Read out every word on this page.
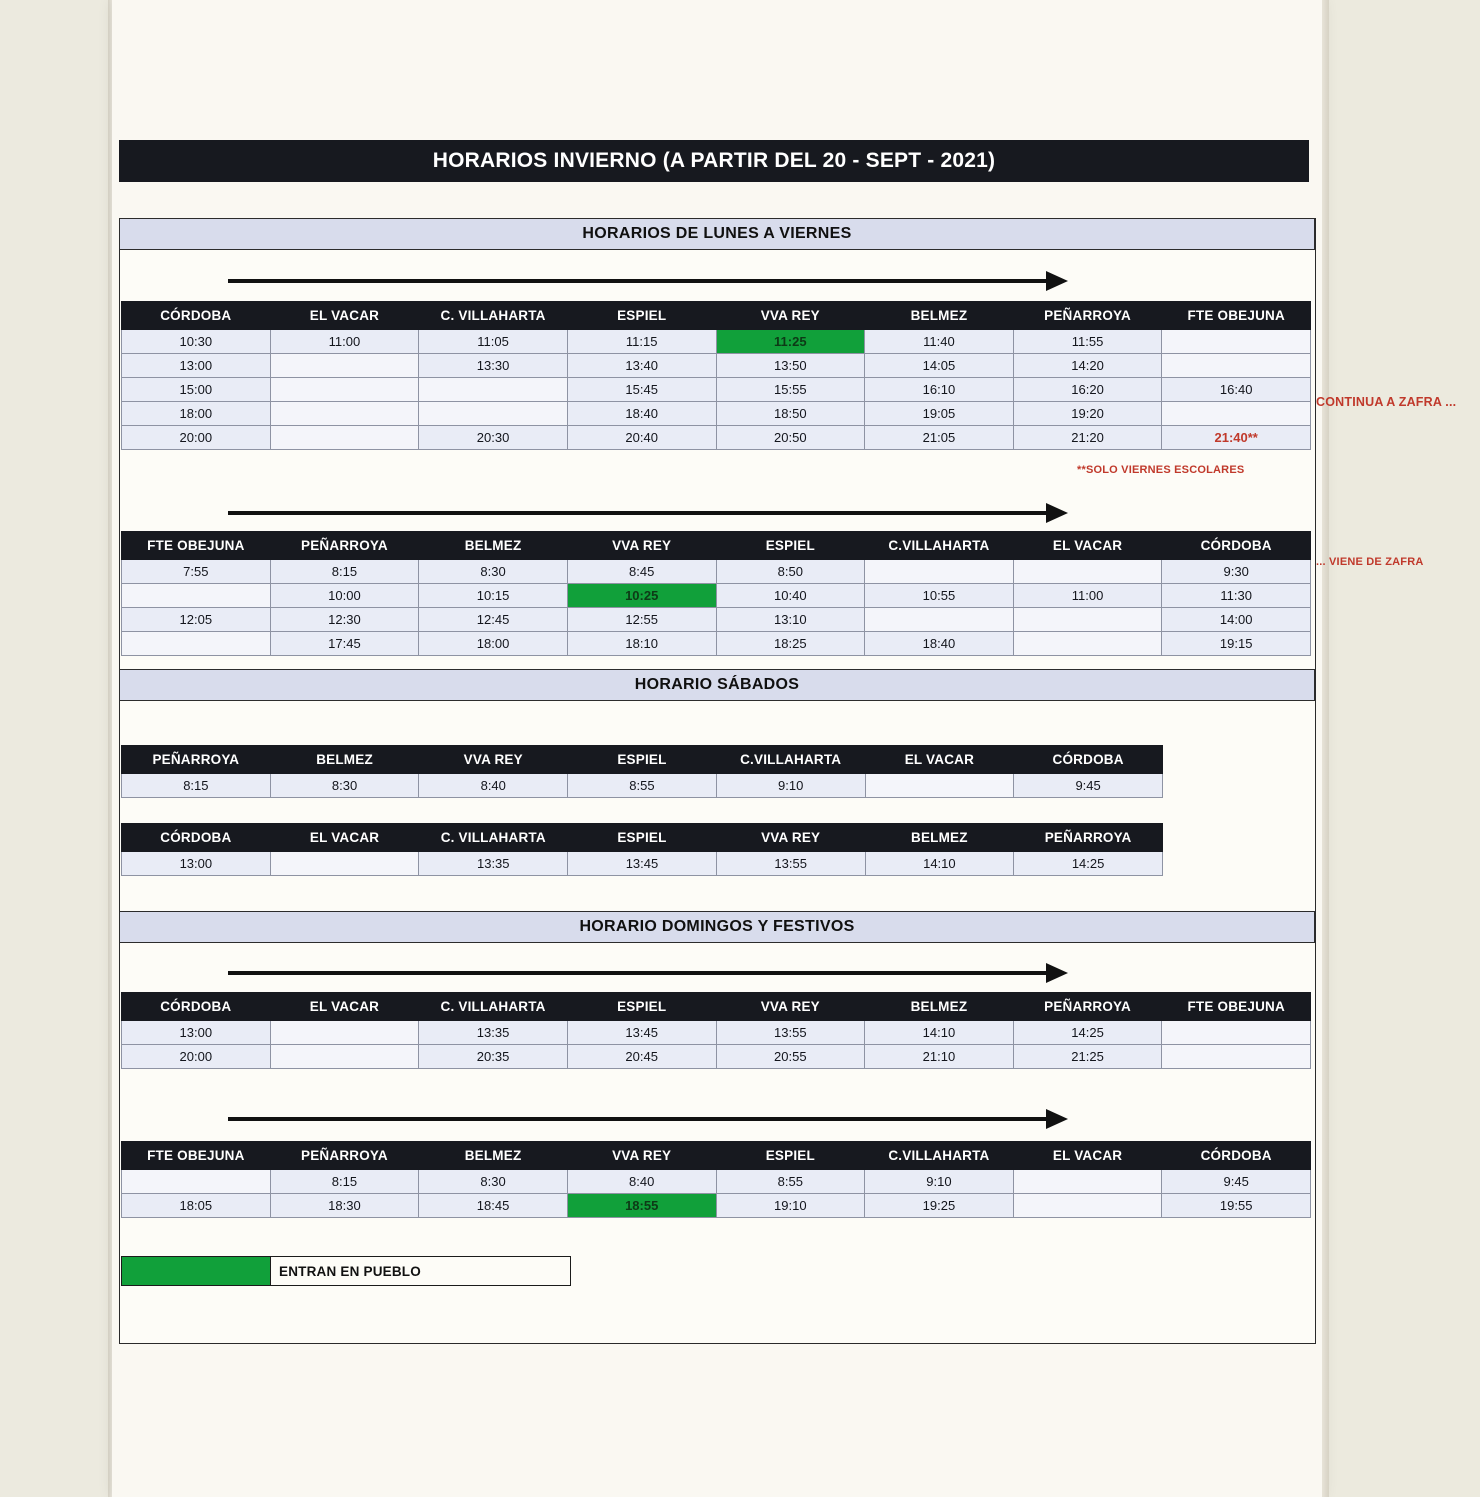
HORARIOS INVIERNO (A PARTIR DEL 20 - SEPT - 2021)
HORARIOS DE LUNES A VIERNES
CÓRDOBA	EL VACAR	C. VILLAHARTA	ESPIEL	VVA REY	BELMEZ	PEÑARROYA	FTE OBEJUNA
10:30	11:00	11:05	11:15	11:25	11:40	11:55	
13:00		13:30	13:40	13:50	14:05	14:20	
15:00			15:45	15:55	16:10	16:20	16:40
18:00			18:40	18:50	19:05	19:20	
20:00		20:30	20:40	20:50	21:05	21:20	21:40**
CONTINUA A ZAFRA ...
**SOLO VIERNES ESCOLARES
FTE OBEJUNA	PEÑARROYA	BELMEZ	VVA REY	ESPIEL	C.VILLAHARTA	EL VACAR	CÓRDOBA
7:55	8:15	8:30	8:45	8:50			9:30
	10:00	10:15	10:25	10:40	10:55	11:00	11:30
12:05	12:30	12:45	12:55	13:10			14:00
	17:45	18:00	18:10	18:25	18:40		19:15
... VIENE DE ZAFRA
HORARIO SÁBADOS
PEÑARROYA	BELMEZ	VVA REY	ESPIEL	C.VILLAHARTA	EL VACAR	CÓRDOBA
8:15	8:30	8:40	8:55	9:10		9:45
CÓRDOBA	EL VACAR	C. VILLAHARTA	ESPIEL	VVA REY	BELMEZ	PEÑARROYA
13:00		13:35	13:45	13:55	14:10	14:25
HORARIO DOMINGOS Y FESTIVOS
CÓRDOBA	EL VACAR	C. VILLAHARTA	ESPIEL	VVA REY	BELMEZ	PEÑARROYA	FTE OBEJUNA
13:00		13:35	13:45	13:55	14:10	14:25	
20:00		20:35	20:45	20:55	21:10	21:25	
FTE OBEJUNA	PEÑARROYA	BELMEZ	VVA REY	ESPIEL	C.VILLAHARTA	EL VACAR	CÓRDOBA
	8:15	8:30	8:40	8:55	9:10		9:45
18:05	18:30	18:45	18:55	19:10	19:25		19:55
ENTRAN EN PUEBLO
